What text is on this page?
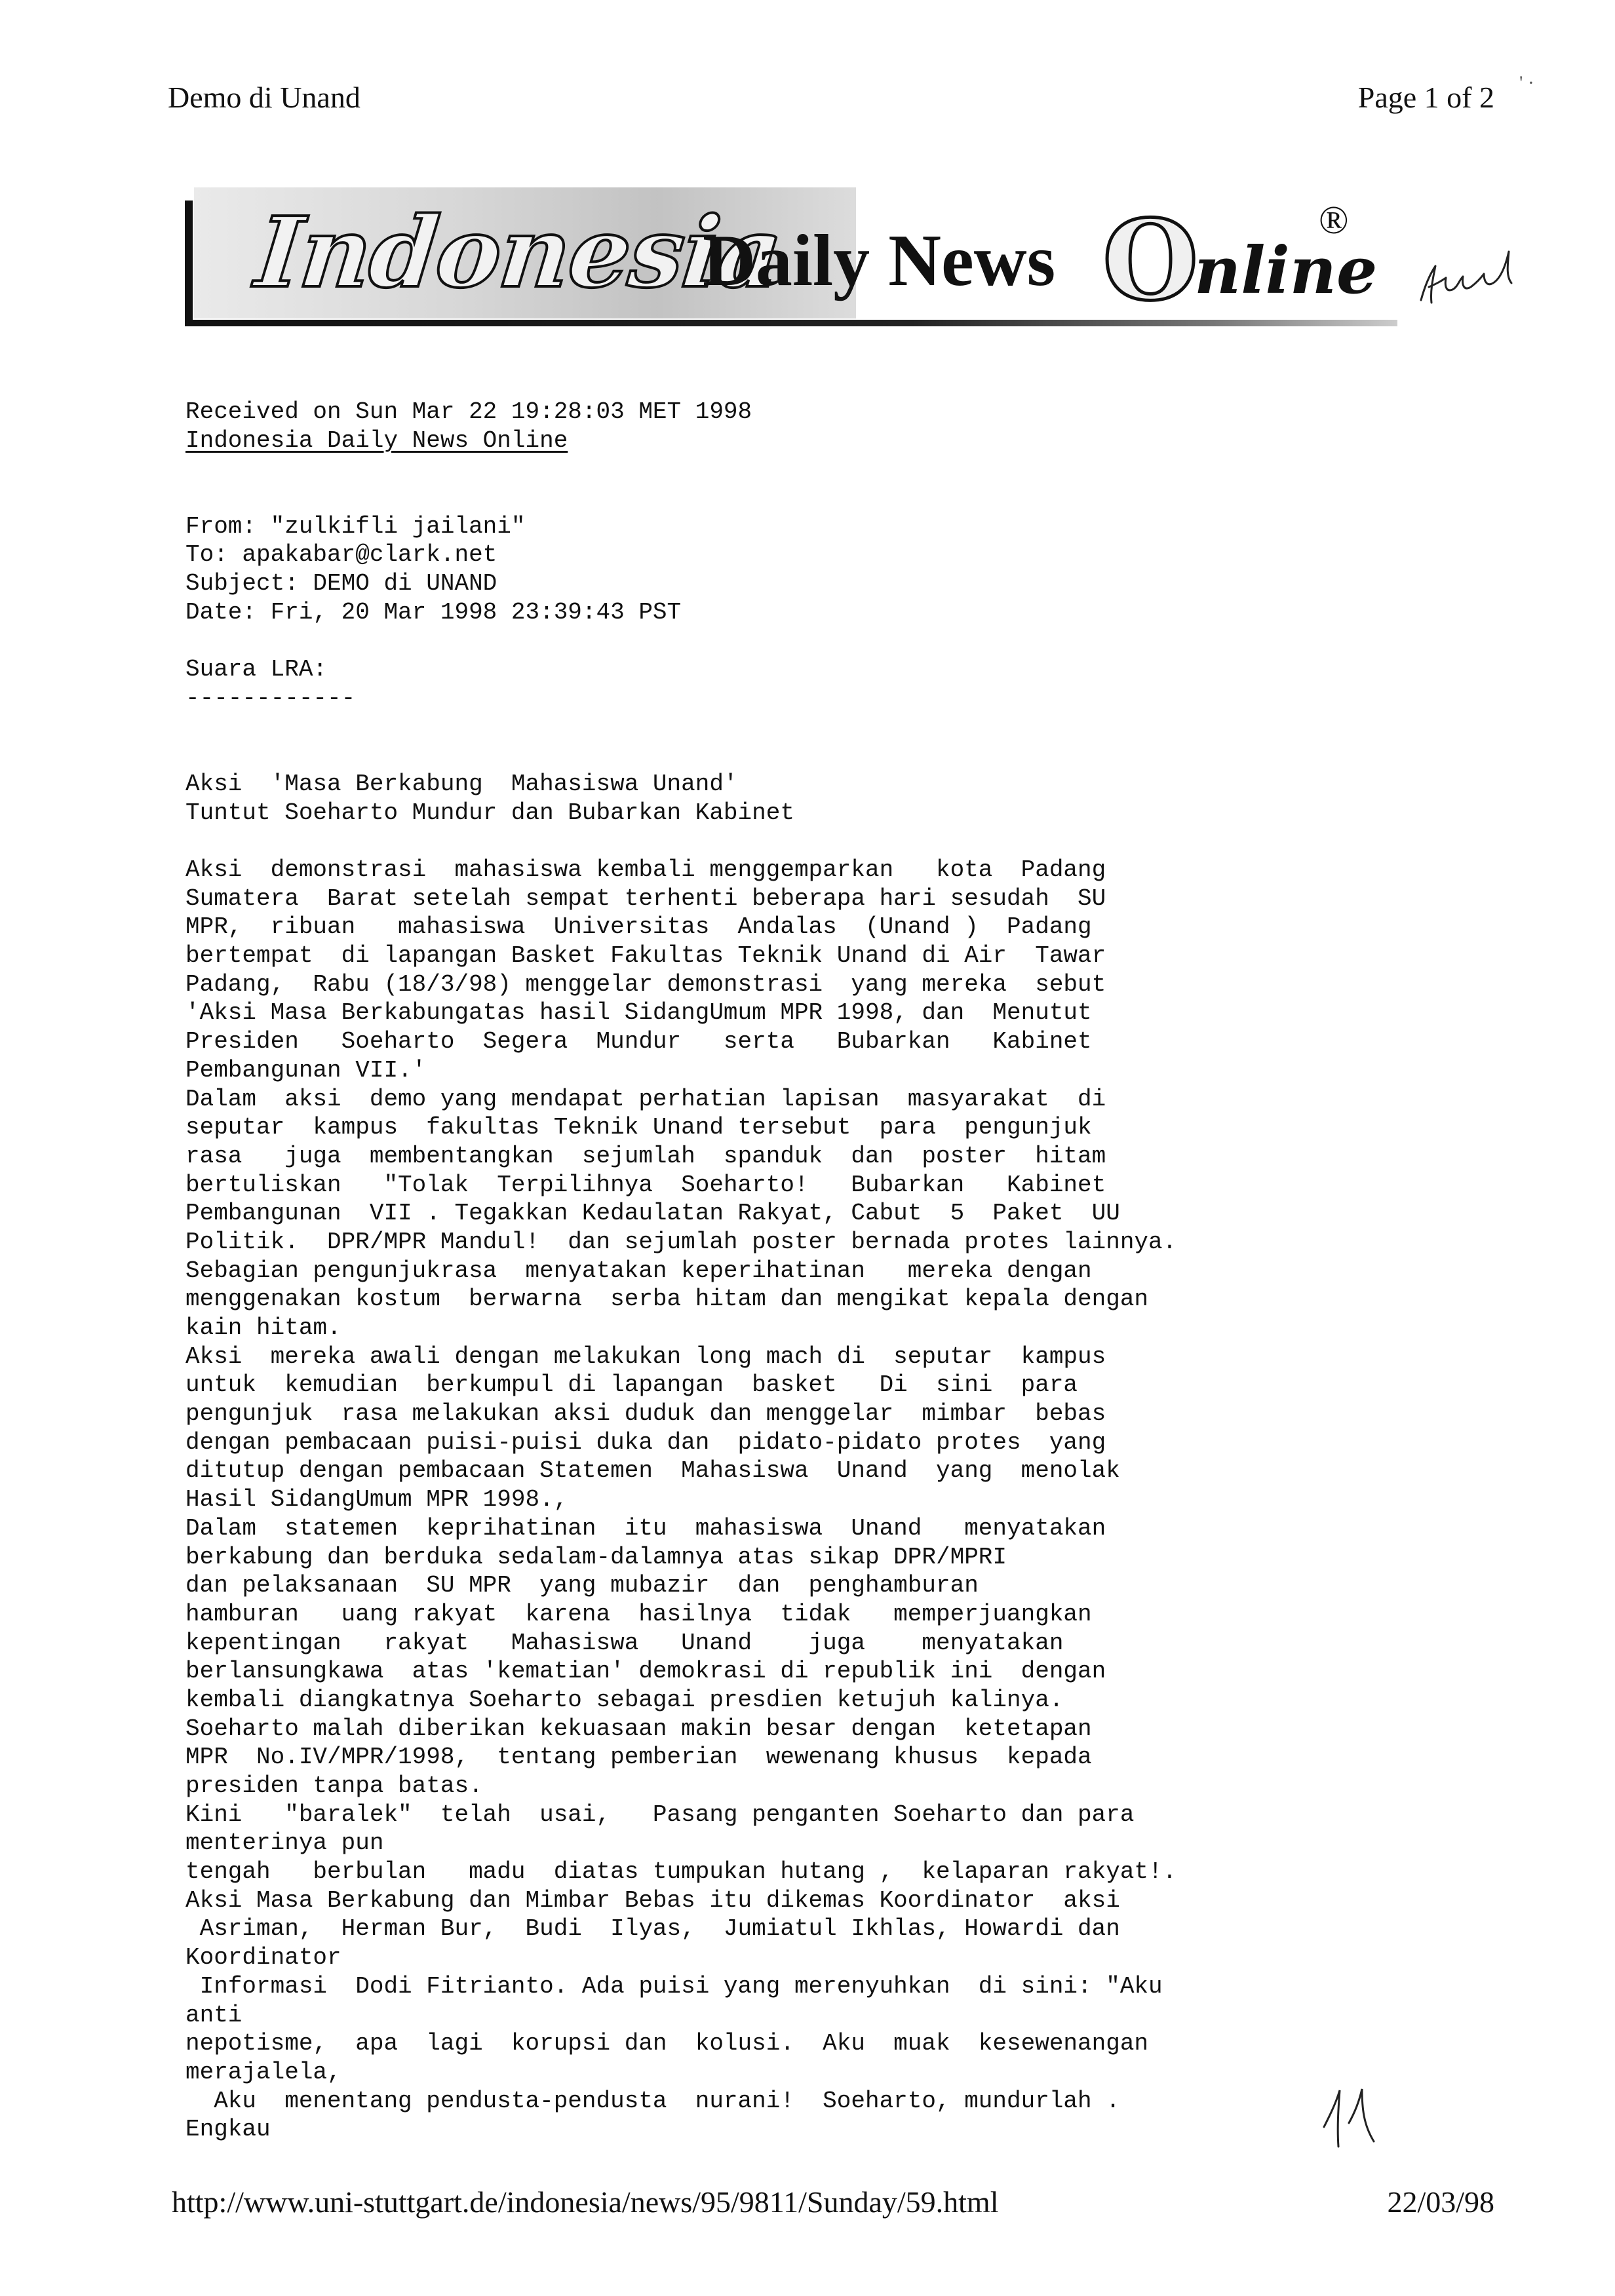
Demo di Unand	Page 1 of 2 ' ·
Indonesia
Daily News O
nline
®
Received on Sun Mar 22 19:28:03 MET 1998
Indonesia Daily News Online
From: "zulkifli jailani"
To: apakabar@clark.net
Subject: DEMO di UNAND
Date: Fri, 20 Mar 1998 23:39:43 PST
Suara LRA:
------------
Aksi  'Masa Berkabung  Mahasiswa Unand'
Tuntut Soeharto Mundur dan Bubarkan Kabinet
Aksi  demonstrasi  mahasiswa kembali menggemparkan   kota  Padang
Sumatera  Barat setelah sempat terhenti beberapa hari sesudah  SU
MPR,  ribuan   mahasiswa  Universitas  Andalas  (Unand )  Padang
bertempat  di lapangan Basket Fakultas Teknik Unand di Air  Tawar
Padang,  Rabu (18/3/98) menggelar demonstrasi  yang mereka  sebut
'Aksi Masa Berkabungatas hasil SidangUmum MPR 1998, dan  Menutut
Presiden   Soeharto  Segera  Mundur   serta   Bubarkan   Kabinet
Pembangunan VII.'
Dalam  aksi  demo yang mendapat perhatian lapisan  masyarakat  di
seputar  kampus  fakultas Teknik Unand tersebut  para  pengunjuk
rasa   juga  membentangkan  sejumlah  spanduk  dan  poster  hitam
bertuliskan   "Tolak  Terpilihnya  Soeharto!   Bubarkan   Kabinet
Pembangunan  VII . Tegakkan Kedaulatan Rakyat, Cabut  5  Paket  UU
Politik.  DPR/MPR Mandul!  dan sejumlah poster bernada protes lainnya.
Sebagian pengunjukrasa  menyatakan keperihatinan   mereka dengan
menggenakan kostum  berwarna  serba hitam dan mengikat kepala dengan
kain hitam.
Aksi  mereka awali dengan melakukan long mach di  seputar  kampus
untuk  kemudian  berkumpul di lapangan  basket   Di  sini  para
pengunjuk  rasa melakukan aksi duduk dan menggelar  mimbar  bebas
dengan pembacaan puisi-puisi duka dan  pidato-pidato protes  yang
ditutup dengan pembacaan Statemen  Mahasiswa  Unand  yang  menolak
Hasil SidangUmum MPR 1998.,
Dalam  statemen  keprihatinan  itu  mahasiswa  Unand   menyatakan
berkabung dan berduka sedalam-dalamnya atas sikap DPR/MPRI
dan pelaksanaan  SU MPR  yang mubazir  dan  penghamburan
hamburan   uang rakyat  karena  hasilnya  tidak   memperjuangkan
kepentingan   rakyat   Mahasiswa   Unand    juga    menyatakan
berlansungkawa  atas 'kematian' demokrasi di republik ini  dengan
kembali diangkatnya Soeharto sebagai presdien ketujuh kalinya.
Soeharto malah diberikan kekuasaan makin besar dengan  ketetapan
MPR  No.IV/MPR/1998,  tentang pemberian  wewenang khusus  kepada
presiden tanpa batas.
Kini   "baralek"  telah  usai,   Pasang penganten Soeharto dan para
menterinya pun
tengah   berbulan   madu  diatas tumpukan hutang ,  kelaparan rakyat!.
Aksi Masa Berkabung dan Mimbar Bebas itu dikemas Koordinator  aksi
Asriman,  Herman Bur,  Budi  Ilyas,  Jumiatul Ikhlas, Howardi dan
Koordinator
Informasi  Dodi Fitrianto. Ada puisi yang merenyuhkan  di sini: "Aku
anti
nepotisme,  apa  lagi  korupsi dan  kolusi.  Aku  muak  kesewenangan
merajalela,
Aku  menentang pendusta-pendusta  nurani!  Soeharto, mundurlah .
Engkau
http://www.uni-stuttgart.de/indonesia/news/95/9811/Sunday/59.html	22/03/98
